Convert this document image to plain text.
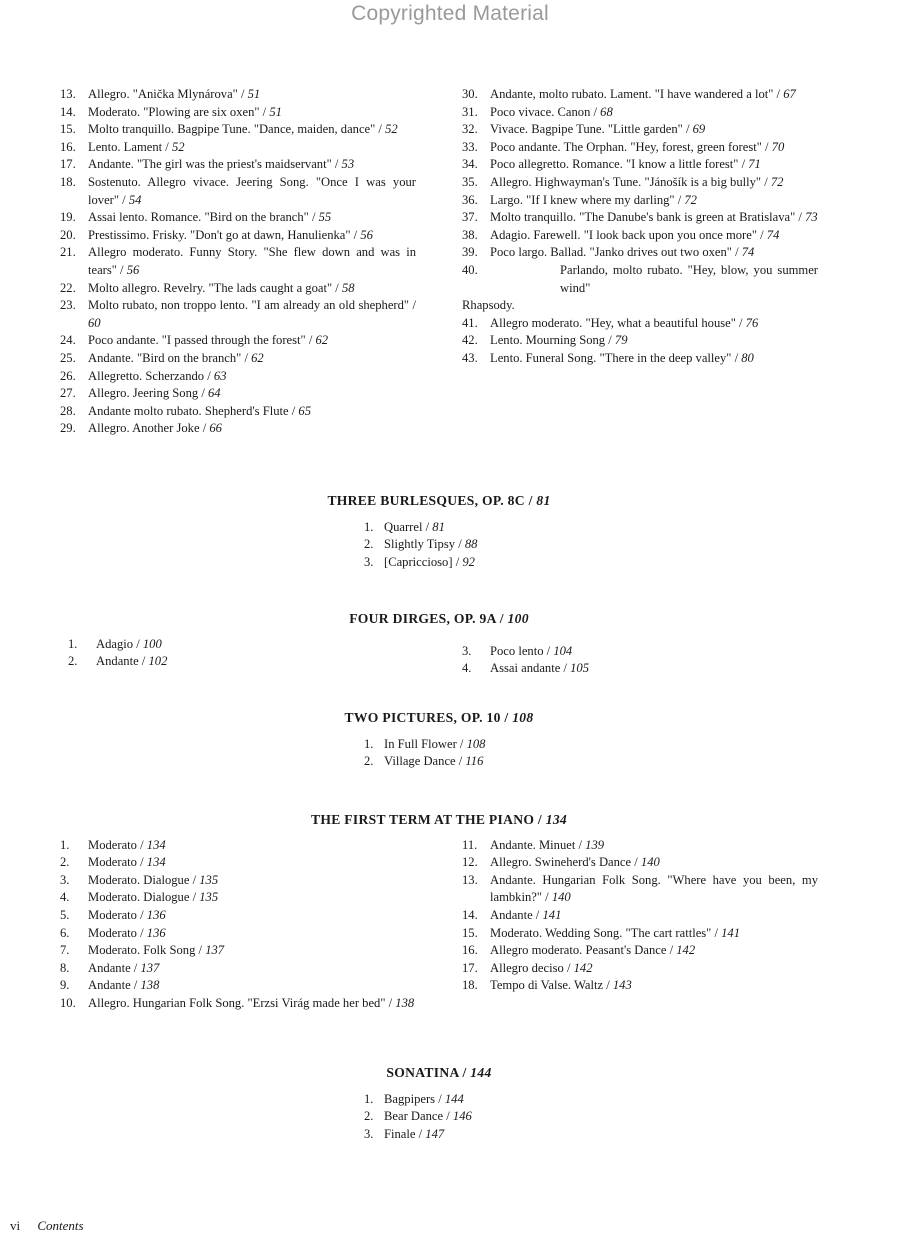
Copyrighted Material
13. Allegro. "Anička Mlynárova" / 51
14. Moderato. "Plowing are six oxen" / 51
15. Molto tranquillo. Bagpipe Tune. "Dance, maiden, dance" / 52
16. Lento. Lament / 52
17. Andante. "The girl was the priest's maidservant" / 53
18. Sostenuto. Allegro vivace. Jeering Song. "Once I was your lover" / 54
19. Assai lento. Romance. "Bird on the branch" / 55
20. Prestissimo. Frisky. "Don't go at dawn, Hanulienka" / 56
21. Allegro moderato. Funny Story. "She flew down and was in tears" / 56
22. Molto allegro. Revelry. "The lads caught a goat" / 58
23. Molto rubato, non troppo lento. "I am already an old shepherd" / 60
24. Poco andante. "I passed through the forest" / 62
25. Andante. "Bird on the branch" / 62
26. Allegretto. Scherzando / 63
27. Allegro. Jeering Song / 64
28. Andante molto rubato. Shepherd's Flute / 65
29. Allegro. Another Joke / 66
30. Andante, molto rubato. Lament. "I have wandered a lot" / 67
31. Poco vivace. Canon / 68
32. Vivace. Bagpipe Tune. "Little garden" / 69
33. Poco andante. The Orphan. "Hey, forest, green forest" / 70
34. Poco allegretto. Romance. "I know a little forest" / 71
35. Allegro. Highwayman's Tune. "Jánošík is a big bully" / 72
36. Largo. "If I knew where my darling" / 72
37. Molto tranquillo. "The Danube's bank is green at Bratislava" / 73
38. Adagio. Farewell. "I look back upon you once more" / 74
39. Poco largo. Ballad. "Janko drives out two oxen" / 74
40.	Parlando, molto rubato. "Hey, blow, you summer wind"
Rhapsody.
41. Allegro moderato. "Hey, what a beautiful house" / 76
42. Lento. Mourning Song / 79
43. Lento. Funeral Song. "There in the deep valley" / 80
THREE BURLESQUES, OP. 8C / 81
1. Quarrel / 81
2. Slightly Tipsy / 88
3. [Capriccioso] / 92
FOUR DIRGES, OP. 9A / 100
1.	Adagio / 100
2.	Andante / 102
3.	Poco lento / 104
4.	Assai andante / 105
TWO PICTURES, OP. 10 / 108
1. In Full Flower / 108
2. Village Dance / 116
THE FIRST TERM AT THE PIANO / 134
1.	Moderato / 134
2.	Moderato / 134
3.	Moderato. Dialogue / 135
4.	Moderato. Dialogue / 135
5.	Moderato / 136
6.	Moderato / 136
7.	Moderato. Folk Song / 137
8.	Andante / 137
9.	Andante / 138
10. Allegro. Hungarian Folk Song. "Erzsi Virág made her bed" / 138
11.	Andante. Minuet / 139
12. Allegro. Swineherd's Dance / 140
13. Andante. Hungarian Folk Song. "Where have you been, my lambkin?" / 140
14. Andante / 141
15. Moderato. Wedding Song. "The cart rattles" / 141
16. Allegro moderato. Peasant's Dance / 142
17. Allegro deciso / 142
18. Tempo di Valse. Waltz / 143
SONATINA / 144
1. Bagpipers / 144
2. Bear Dance / 146
3. Finale / 147
vi Contents
